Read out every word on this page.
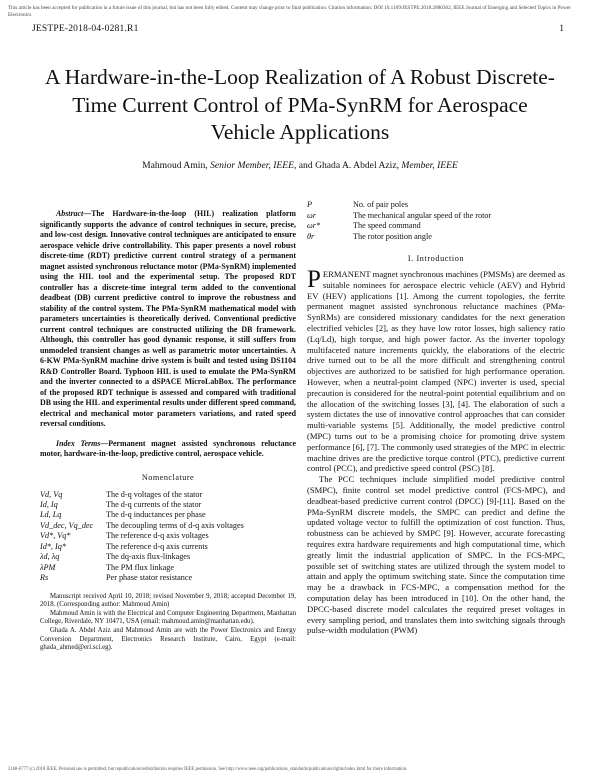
This article has been accepted for publication in a future issue of this journal, but has not been fully edited. Content may change prior to final publication. Citation information: DOI 10.1109/JESTPE.2018.2880362, IEEE Journal of Emerging and Selected Topics in Power Electronics
JESTPE-2018-04-0281.R1	1
A Hardware-in-the-Loop Realization of A Robust Discrete-Time Current Control of PMa-SynRM for Aerospace Vehicle Applications
Mahmoud Amin, Senior Member, IEEE, and Ghada A. Abdel Aziz, Member, IEEE

Abstract—The Hardware-in-the-loop (HIL) realization platform significantly supports the advance of control techniques in secure, precise, and low-cost design. Innovative control techniques are anticipated to ensure aerospace vehicle drive controllability. This paper presents a novel robust discrete-time (RDT) predictive current control strategy of a permanent magnet assisted synchronous reluctance motor (PMa-SynRM) implemented using the HIL tool and the experimental setup. The proposed RDT controller has a discrete-time integral term added to the conventional deadbeat (DB) current predictive control to improve the robustness and stability of the control system. The PMa-SynRM mathematical model with parameters uncertainties is theoretically derived. Conventional predictive current control techniques are constructed utilizing the DB framework. Although, this controller has good dynamic response, it still suffers from unmodeled transient changes as well as parametric motor uncertainties. A 6-KW PMa-SynRM machine drive system is built and tested using DS1104 R&D Controller Board. Typhoon HIL is used to emulate the PMa-SynRM and the inverter connected to a dSPACE MicroLabBox. The performance of the proposed RDT technique is assessed and compared with traditional DB using the HIL and experimental results under different speed command, electrical and mechanical motor parameters variations, and rated speed reversal conditions.

Index Terms—Permanent magnet assisted synchronous reluctance motor, hardware-in-the-loop, predictive control, aerospace vehicle.

Nomenclature
Vd, Vq	The d-q voltages of the stator
Id, Iq	The d-q currents of the stator
Ld, Lq	The d-q inductances per phase
Vd_dec, Vq_dec	The decoupling terms of d-q axis voltages
Vd*, Vq*	The reference d-q axis voltages
Id*, Iq*	The reference d-q axis currents
λd, λq	The dq-axis flux-linkages
λPM	The PM flux linkage
Rs	Per phase stator resistance

Manuscript received April 10, 2018; revised November 9, 2018; accepted December 19, 2018. (Corresponding author: Mahmoud Amin)

Mahmoud Amin is with the Electrical and Computer Engineering Department, Manhattan College, Riverdale, NY 10471, USA (email: mahmoud.amin@manhattan.edu).

Ghada A. Abdel Aziz and Mahmoud Amin are with the Power Electronics and Energy Conversion Department, Electronics Research Institute, Cairo, Egypt (e-mail: ghada_ahmed@eri.sci.eg).

P	No. of pair poles
ωr	The mechanical angular speed of the rotor
ωr*	The speed command
θr	The rotor position angle
I. Introduction

PERMANENT magnet synchronous machines (PMSMs) are deemed as suitable nominees for aerospace electric vehicle (AEV) and Hybrid EV (HEV) applications [1]. Among the current topologies, the ferrite permanent magnet assisted synchronous reluctance machines (PMa-SynRMs) are considered missionary candidates for the next generation electrified vehicles [2], as they have low rotor losses, high saliency ratio (Lq/Ld), high torque, and high power factor. As the inverter topology multifaceted nature increments quickly, the elaborations of the electric drive turned out to be all the more difficult and strengthening control objectives are authorized to be satisfied for high performance operation. However, when a neutral-point clamped (NPC) inverter is used, special precaution is considered for the neutral-point potential equilibrium and on the allocation of the switching losses [3], [4]. The elaboration of such a system dictates the use of innovative control approaches that can consider multi-variable systems [5]. Additionally, the model predictive control (MPC) turns out to be a promising choice for promoting drive system performance [6], [7]. The commonly used strategies of the MPC in electric machine drives are the predictive torque control (PTC), predictive current control (PCC), and predictive speed control (PSC) [8].

The PCC techniques include simplified model predictive control (SMPC), finite control set model predictive control (FCS-MPC), and deadbeat-based predictive current control (DPCC) [9]-[11]. Based on the PMa-SynRM discrete models, the SMPC can predict and define the updated voltage vector to fulfill the optimization of cost function. Thus, robustness can be achieved by SMPC [9]. However, accurate forecasting requires extra hardware requirements and high computational time, which greatly limit the industrial application of SMPC. In the FCS-MPC, possible set of switching states are utilized through the system model to attain and apply the optimum switching state. Since the computation time may be a drawback in FCS-MPC, a compensation method for the computation delay has been introduced in [10]. On the other hand, the DPCC-based discrete model calculates the required preset voltages in every sampling period, and translates them into switching signals through pulse-width modulation (PWM)

2168-6777 (c) 2018 IEEE. Personal use is permitted, but republication/redistribution requires IEEE permission. See http://www.ieee.org/publications_standards/publications/rights/index.html for more information.
